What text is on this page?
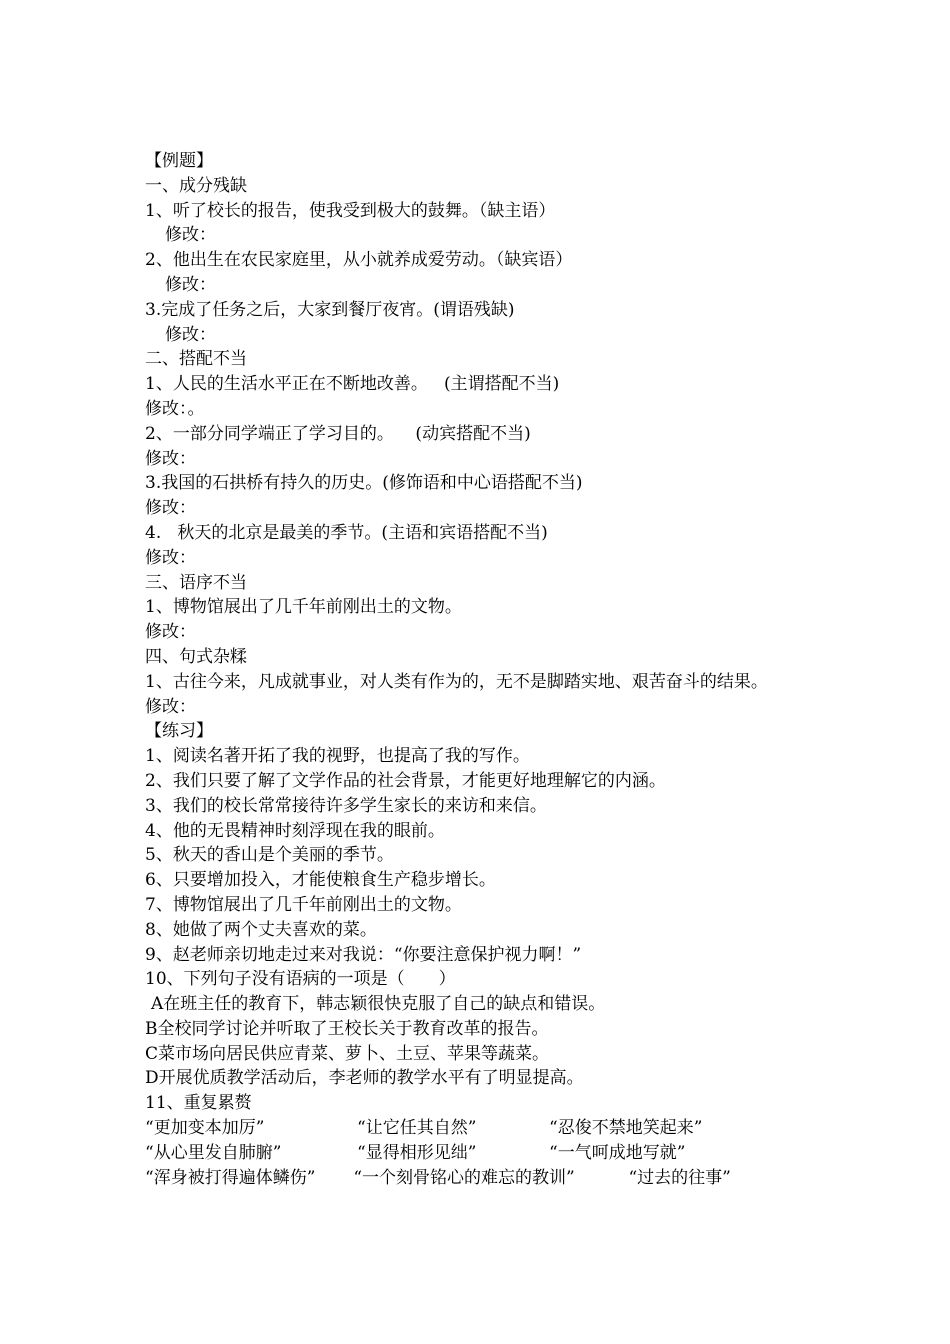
【例题】

一、成分残缺

1、听了校长的报告，使我受到极大的鼓舞。（缺主语）

修改：

2、他出生在农民家庭里，从小就养成爱劳动。（缺宾语）

修改：

3.完成了任务之后，大家到餐厅夜宵。(谓语残缺)

修改：

二、搭配不当

1、人民的生活水平正在不断地改善。   (主谓搭配不当)

修改：。

2、一部分同学端正了学习目的。    (动宾搭配不当)

修改：

3.我国的石拱桥有持久的历史。(修饰语和中心语搭配不当)

修改：

4.   秋天的北京是最美的季节。(主语和宾语搭配不当)

修改：

三、语序不当

1、博物馆展出了几千年前刚出土的文物。

修改：

四、句式杂糅

1、古往今来，凡成就事业，对人类有作为的，无不是脚踏实地、艰苦奋斗的结果。

修改：

【练习】

1、阅读名著开拓了我的视野，也提高了我的写作。

2、我们只要了解了文学作品的社会背景，才能更好地理解它的内涵。

3、我们的校长常常接待许多学生家长的来访和来信。

4、他的无畏精神时刻浮现在我的眼前。

5、秋天的香山是个美丽的季节。

6、只要增加投入，才能使粮食生产稳步增长。

7、博物馆展出了几千年前刚出土的文物。

8、她做了两个丈夫喜欢的菜。

9、赵老师亲切地走过来对我说：“你要注意保护视力啊！”

10、下列句子没有语病的一项是（　　）

A在班主任的教育下，韩志颖很快克服了自己的缺点和错误。

B全校同学讨论并听取了王校长关于教育改革的报告。

C菜市场向居民供应青菜、萝卜、土豆、苹果等蔬菜。

D开展优质教学活动后，李老师的教学水平有了明显提高。

11、重复累赘

“更加变本加厉”	“让它任其自然”	“忍俊不禁地笑起来”
“从心里发自肺腑”	“显得相形见绌”	“一气呵成地写就”
“浑身被打得遍体鳞伤”	“一个刻骨铭心的难忘的教训”	“过去的往事”
